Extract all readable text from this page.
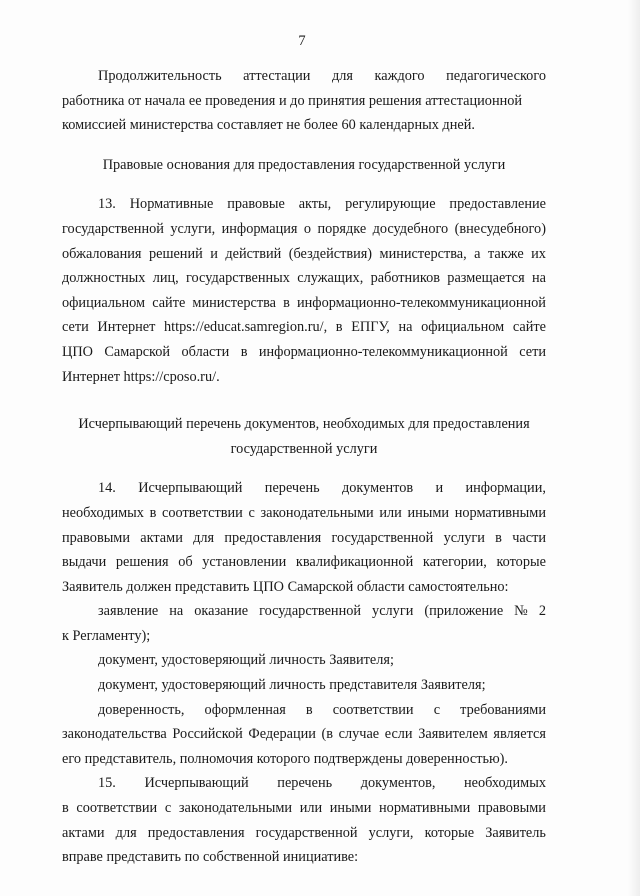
7
Продолжительность аттестации для каждого педагогического
работника от начала ее проведения и до принятия решения аттестационной
комиссией министерства составляет не более 60 календарных дней.
Правовые основания для предоставления государственной услуги
13. Нормативные правовые акты, регулирующие предоставление
государственной услуги, информация о порядке досудебного (внесудебного)
обжалования решений и действий (бездействия) министерства, а также их
должностных лиц, государственных служащих, работников размещается на
официальном сайте министерства в информационно-телекоммуникационной
сети Интернет https://educat.samregion.ru/, в ЕПГУ, на официальном сайте
ЦПО Самарской области в информационно-телекоммуникационной сети
Интернет https://cposo.ru/.
Исчерпывающий перечень документов, необходимых для предоставления
государственной услуги
14. Исчерпывающий перечень документов и информации,
необходимых в соответствии с законодательными или иными нормативными
правовыми актами для предоставления государственной услуги в части
выдачи решения об установлении квалификационной категории, которые
Заявитель должен представить ЦПО Самарской области самостоятельно:
заявление на оказание государственной услуги (приложение № 2
к Регламенту);
документ, удостоверяющий личность Заявителя;
документ, удостоверяющий личность представителя Заявителя;
доверенность, оформленная в соответствии с требованиями
законодательства Российской Федерации (в случае если Заявителем является
его представитель, полномочия которого подтверждены доверенностью).
15. Исчерпывающий перечень документов, необходимых
в соответствии с законодательными или иными нормативными правовыми
актами для предоставления государственной услуги, которые Заявитель
вправе представить по собственной инициативе:
